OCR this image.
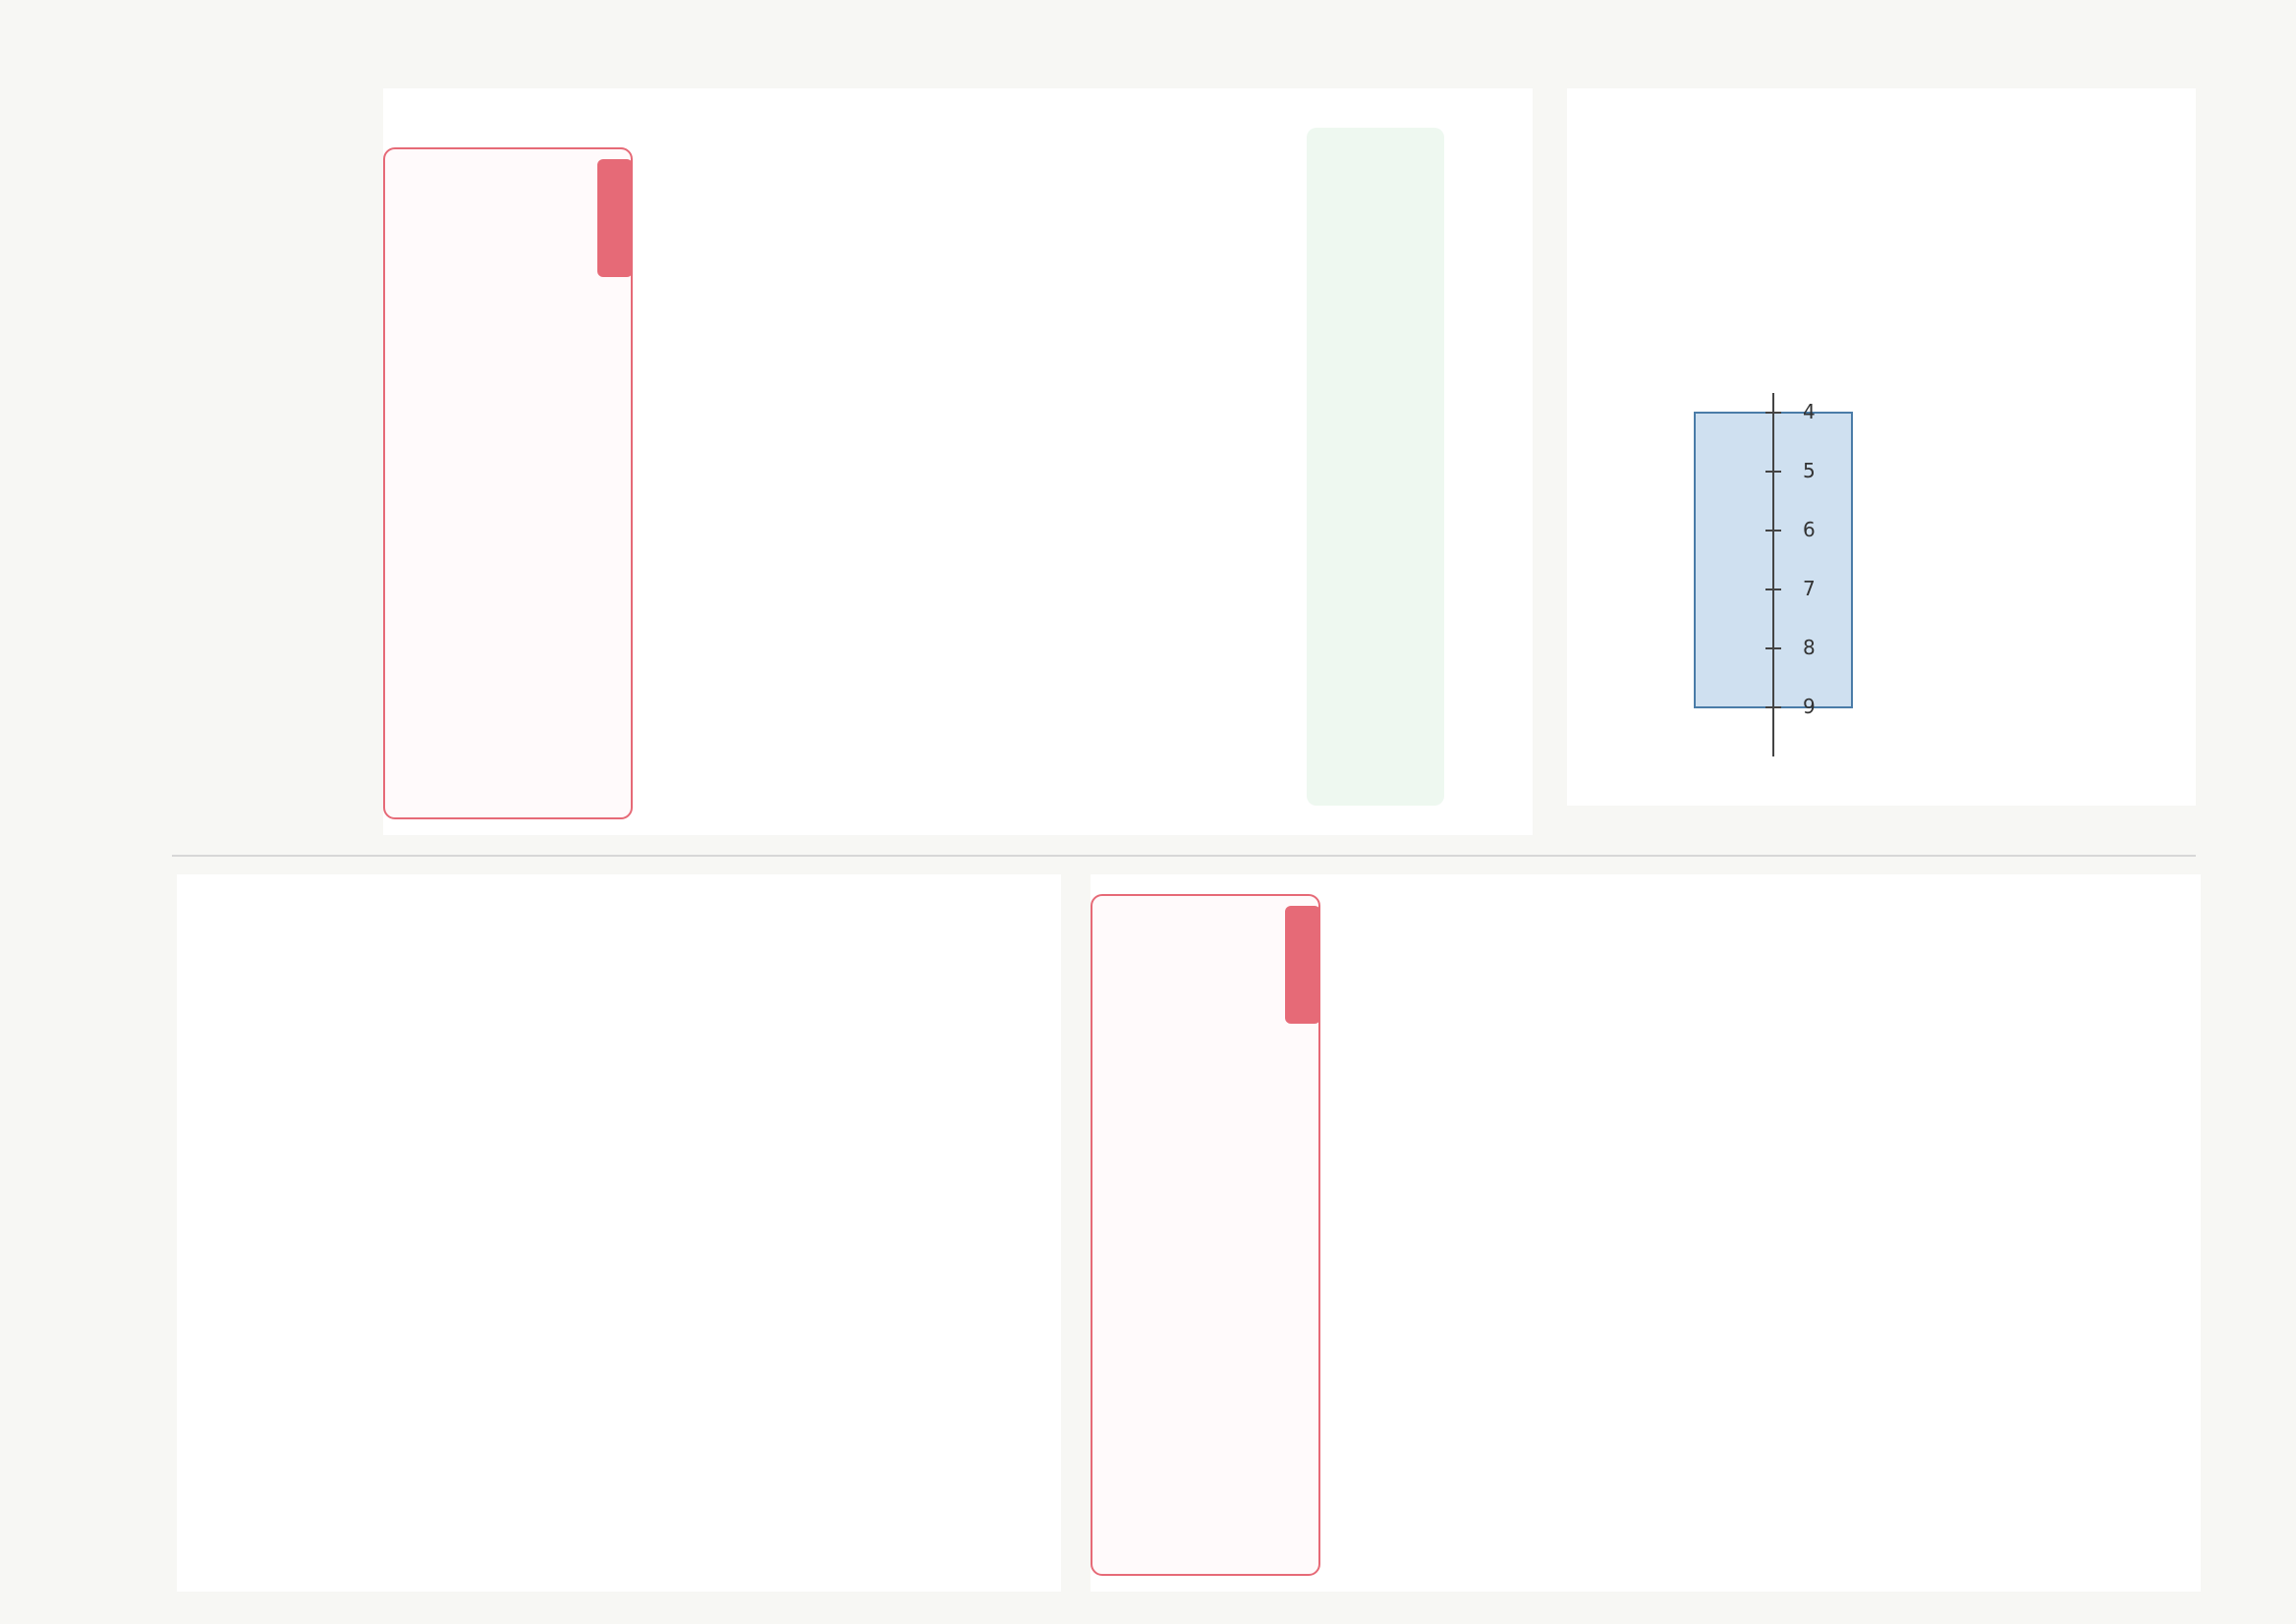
4
5
6
7
8
9
